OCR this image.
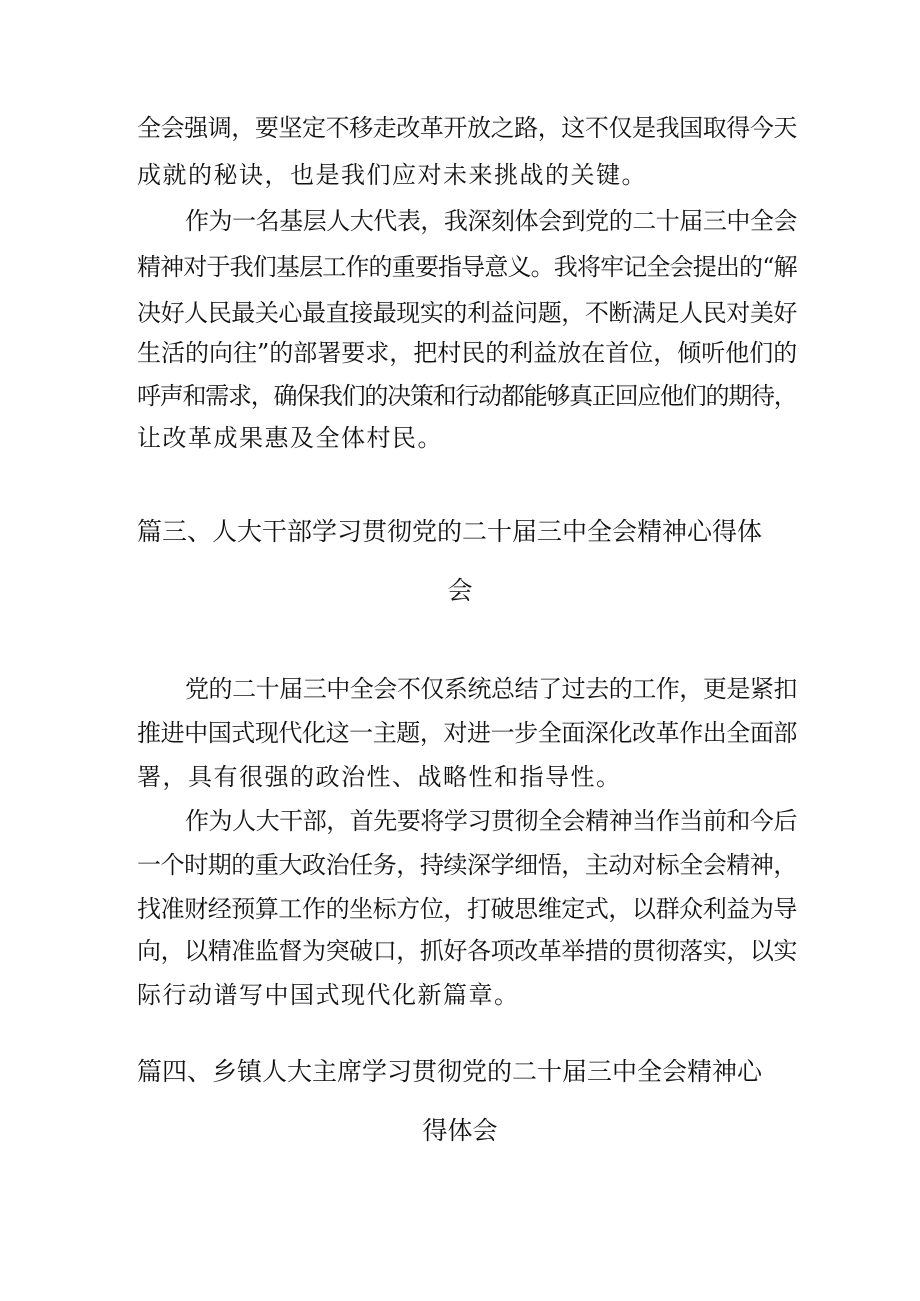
全会强调，要坚定不移走改革开放之路，这不仅是我国取得今天
成就的秘诀，也是我们应对未来挑战的关键。
作为一名基层人大代表，我深刻体会到党的二十届三中全会
精神对于我们基层工作的重要指导意义。我将牢记全会提出的“解
决好人民最关心最直接最现实的利益问题，不断满足人民对美好
生活的向往”的部署要求，把村民的利益放在首位，倾听他们的
呼声和需求，确保我们的决策和行动都能够真正回应他们的期待，
让改革成果惠及全体村民。
篇三、人大干部学习贯彻党的二十届三中全会精神心得体
会
党的二十届三中全会不仅系统总结了过去的工作，更是紧扣
推进中国式现代化这一主题，对进一步全面深化改革作出全面部
署，具有很强的政治性、战略性和指导性。
作为人大干部，首先要将学习贯彻全会精神当作当前和今后
一个时期的重大政治任务，持续深学细悟，主动对标全会精神，
找准财经预算工作的坐标方位，打破思维定式，以群众利益为导
向，以精准监督为突破口，抓好各项改革举措的贯彻落实，以实
际行动谱写中国式现代化新篇章。
篇四、乡镇人大主席学习贯彻党的二十届三中全会精神心
得体会
